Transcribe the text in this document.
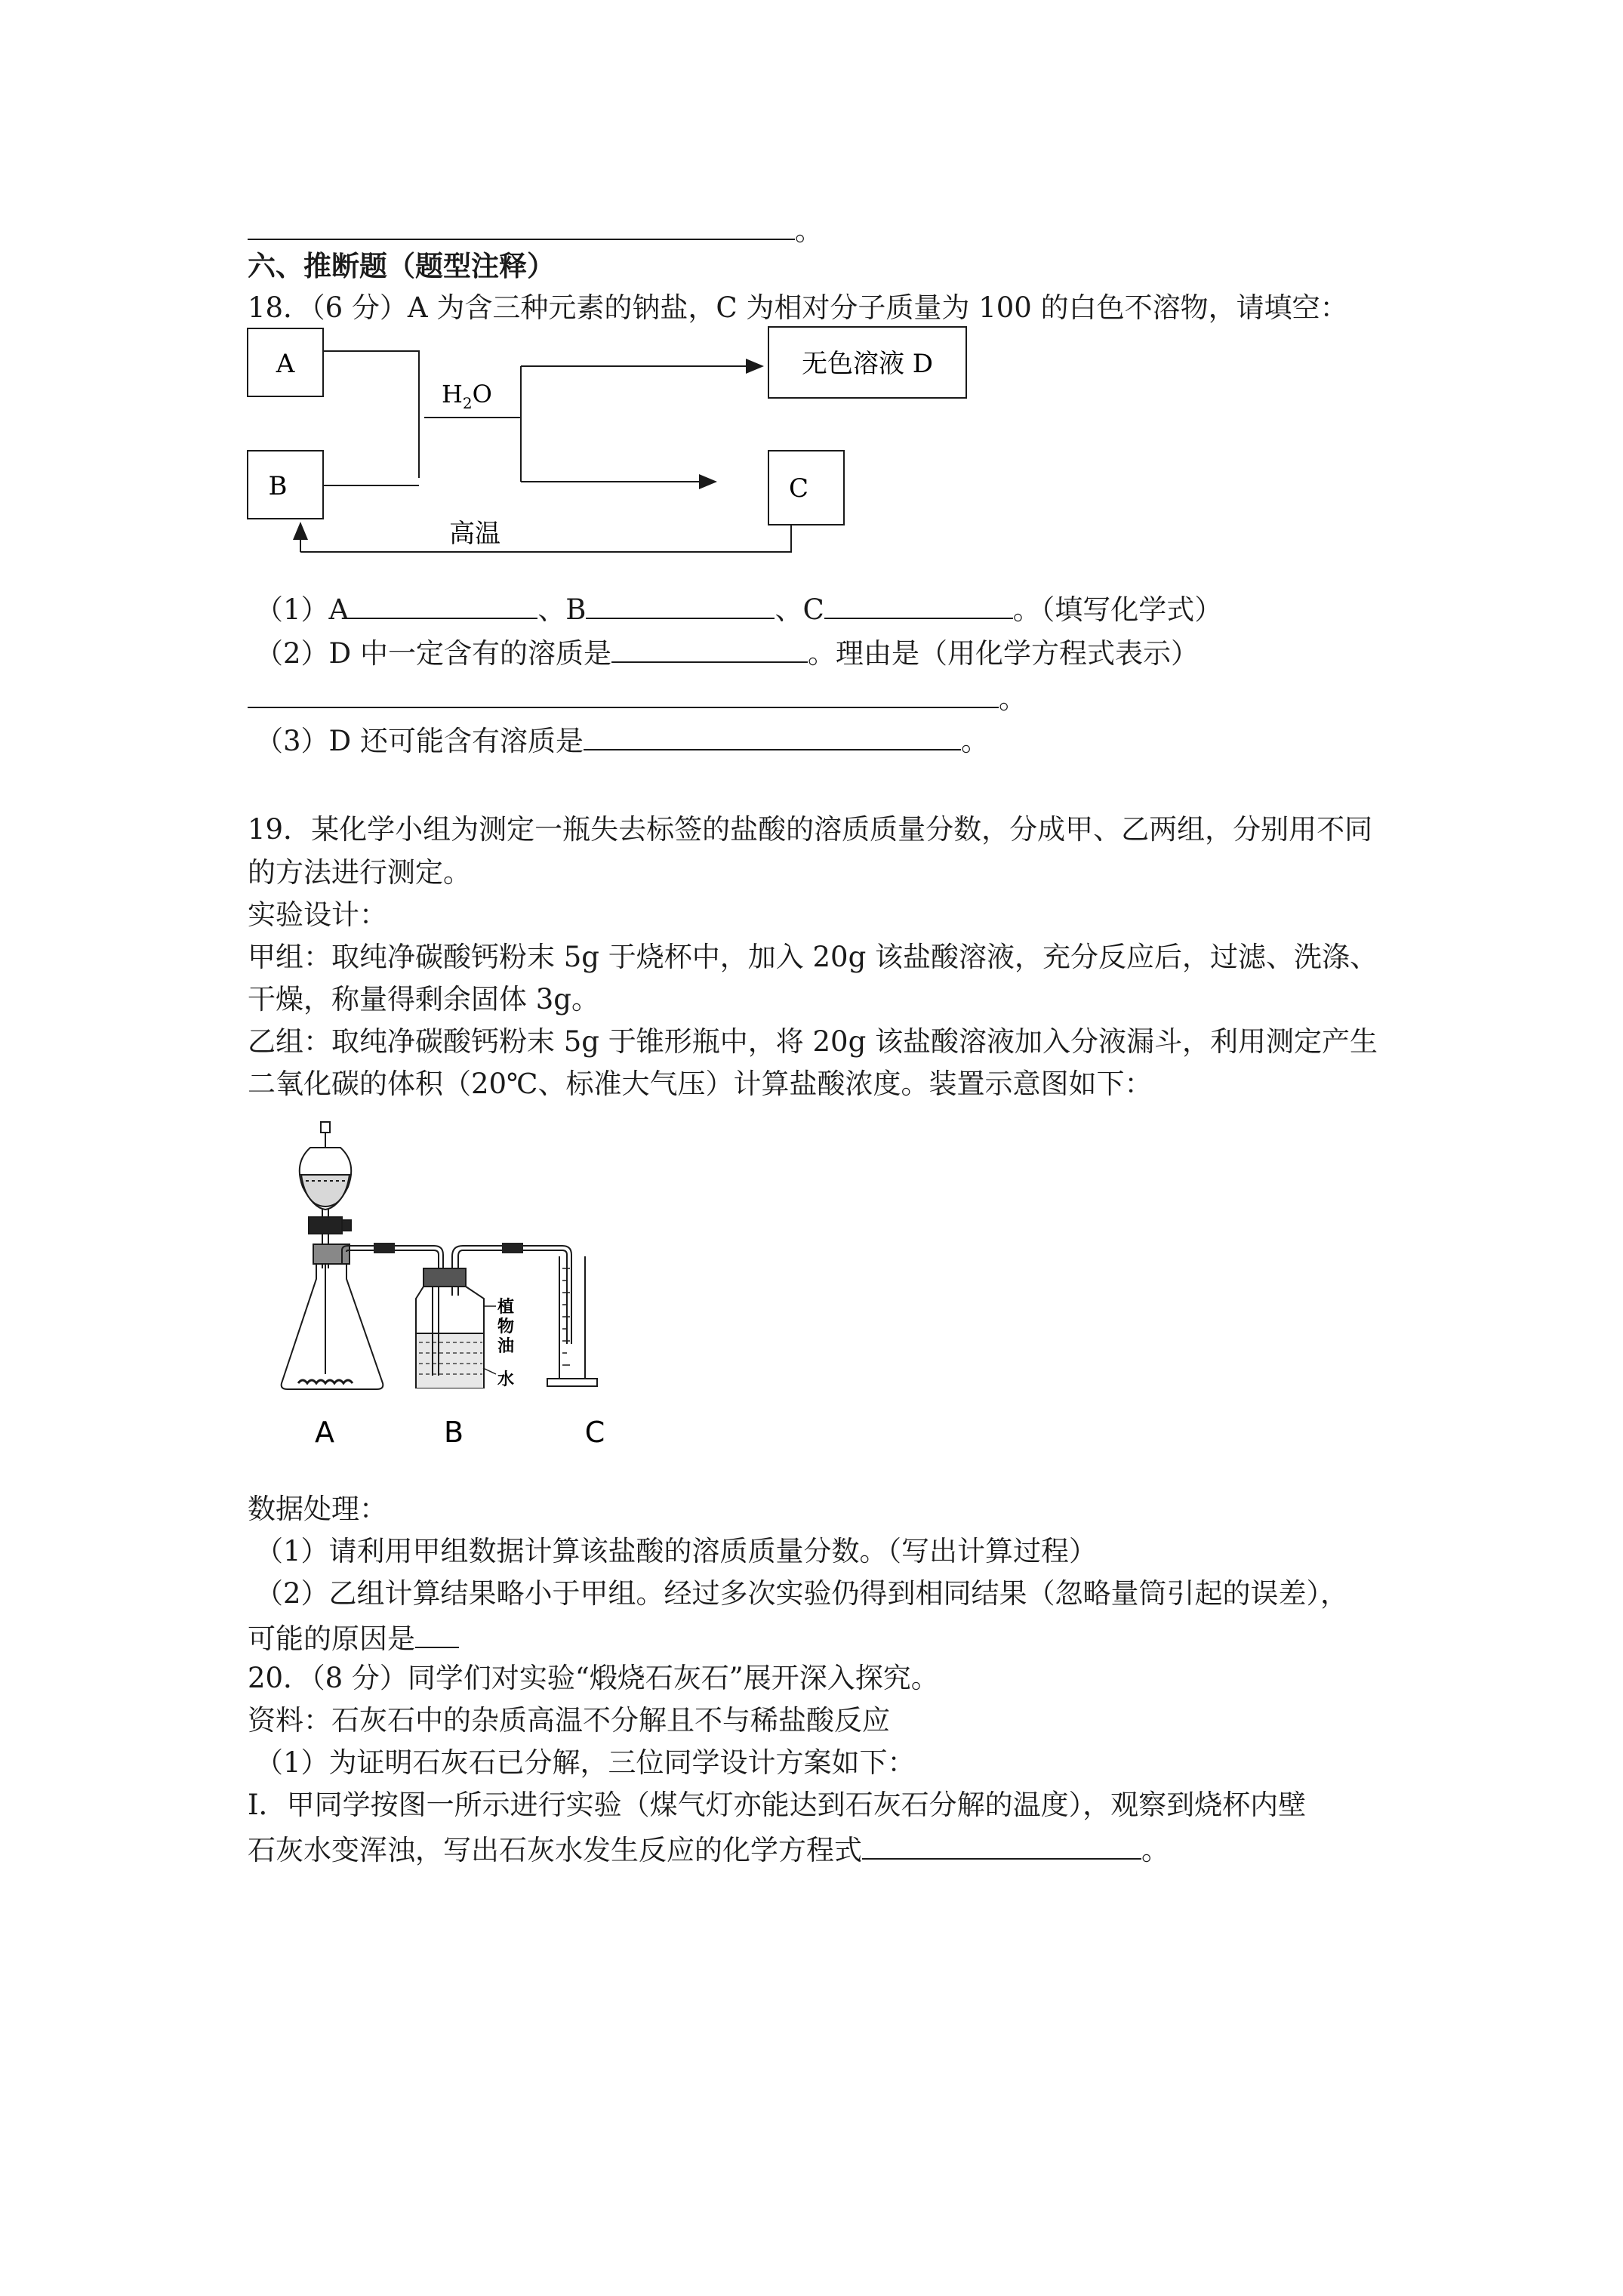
。

六、推断题（题型注释）

18．（6 分）A 为含三种元素的钠盐，C 为相对分子质量为 100 的白色不溶物，请填空：

A
B
无色溶液 D
C
$H_2O$
高温

（1）A	、B	、C	。（填写化学式）

（2）D 中一定含有的溶质是	。理由是（用化学方程式表示）

。

（3）D 还可能含有溶质是	。

19．某化学小组为测定一瓶失去标签的盐酸的溶质质量分数，分成甲、乙两组，分别用不同

的方法进行测定。

实验设计：

甲组：取纯净碳酸钙粉末 5g 于烧杯中，加入 20g 该盐酸溶液，充分反应后，过滤、洗涤、

干燥，称量得剩余固体 3g。

乙组：取纯净碳酸钙粉末 5g 于锥形瓶中，将 20g 该盐酸溶液加入分液漏斗，利用测定产生

二氧化碳的体积（20℃、标准大气压）计算盐酸浓度。装置示意图如下：

植
物
油
水
A	B	C

数据处理：

（1）请利用甲组数据计算该盐酸的溶质质量分数。（写出计算过程）

（2）乙组计算结果略小于甲组。经过多次实验仍得到相同结果（忽略量筒引起的误差），

可能的原因是

20．（8 分）同学们对实验“煅烧石灰石”展开深入探究。

资料：石灰石中的杂质高温不分解且不与稀盐酸反应

（1）为证明石灰石已分解，三位同学设计方案如下：

Ⅰ．甲同学按图一所示进行实验（煤气灯亦能达到石灰石分解的温度），观察到烧杯内壁

石灰水变浑浊，写出石灰水发生反应的化学方程式	。
